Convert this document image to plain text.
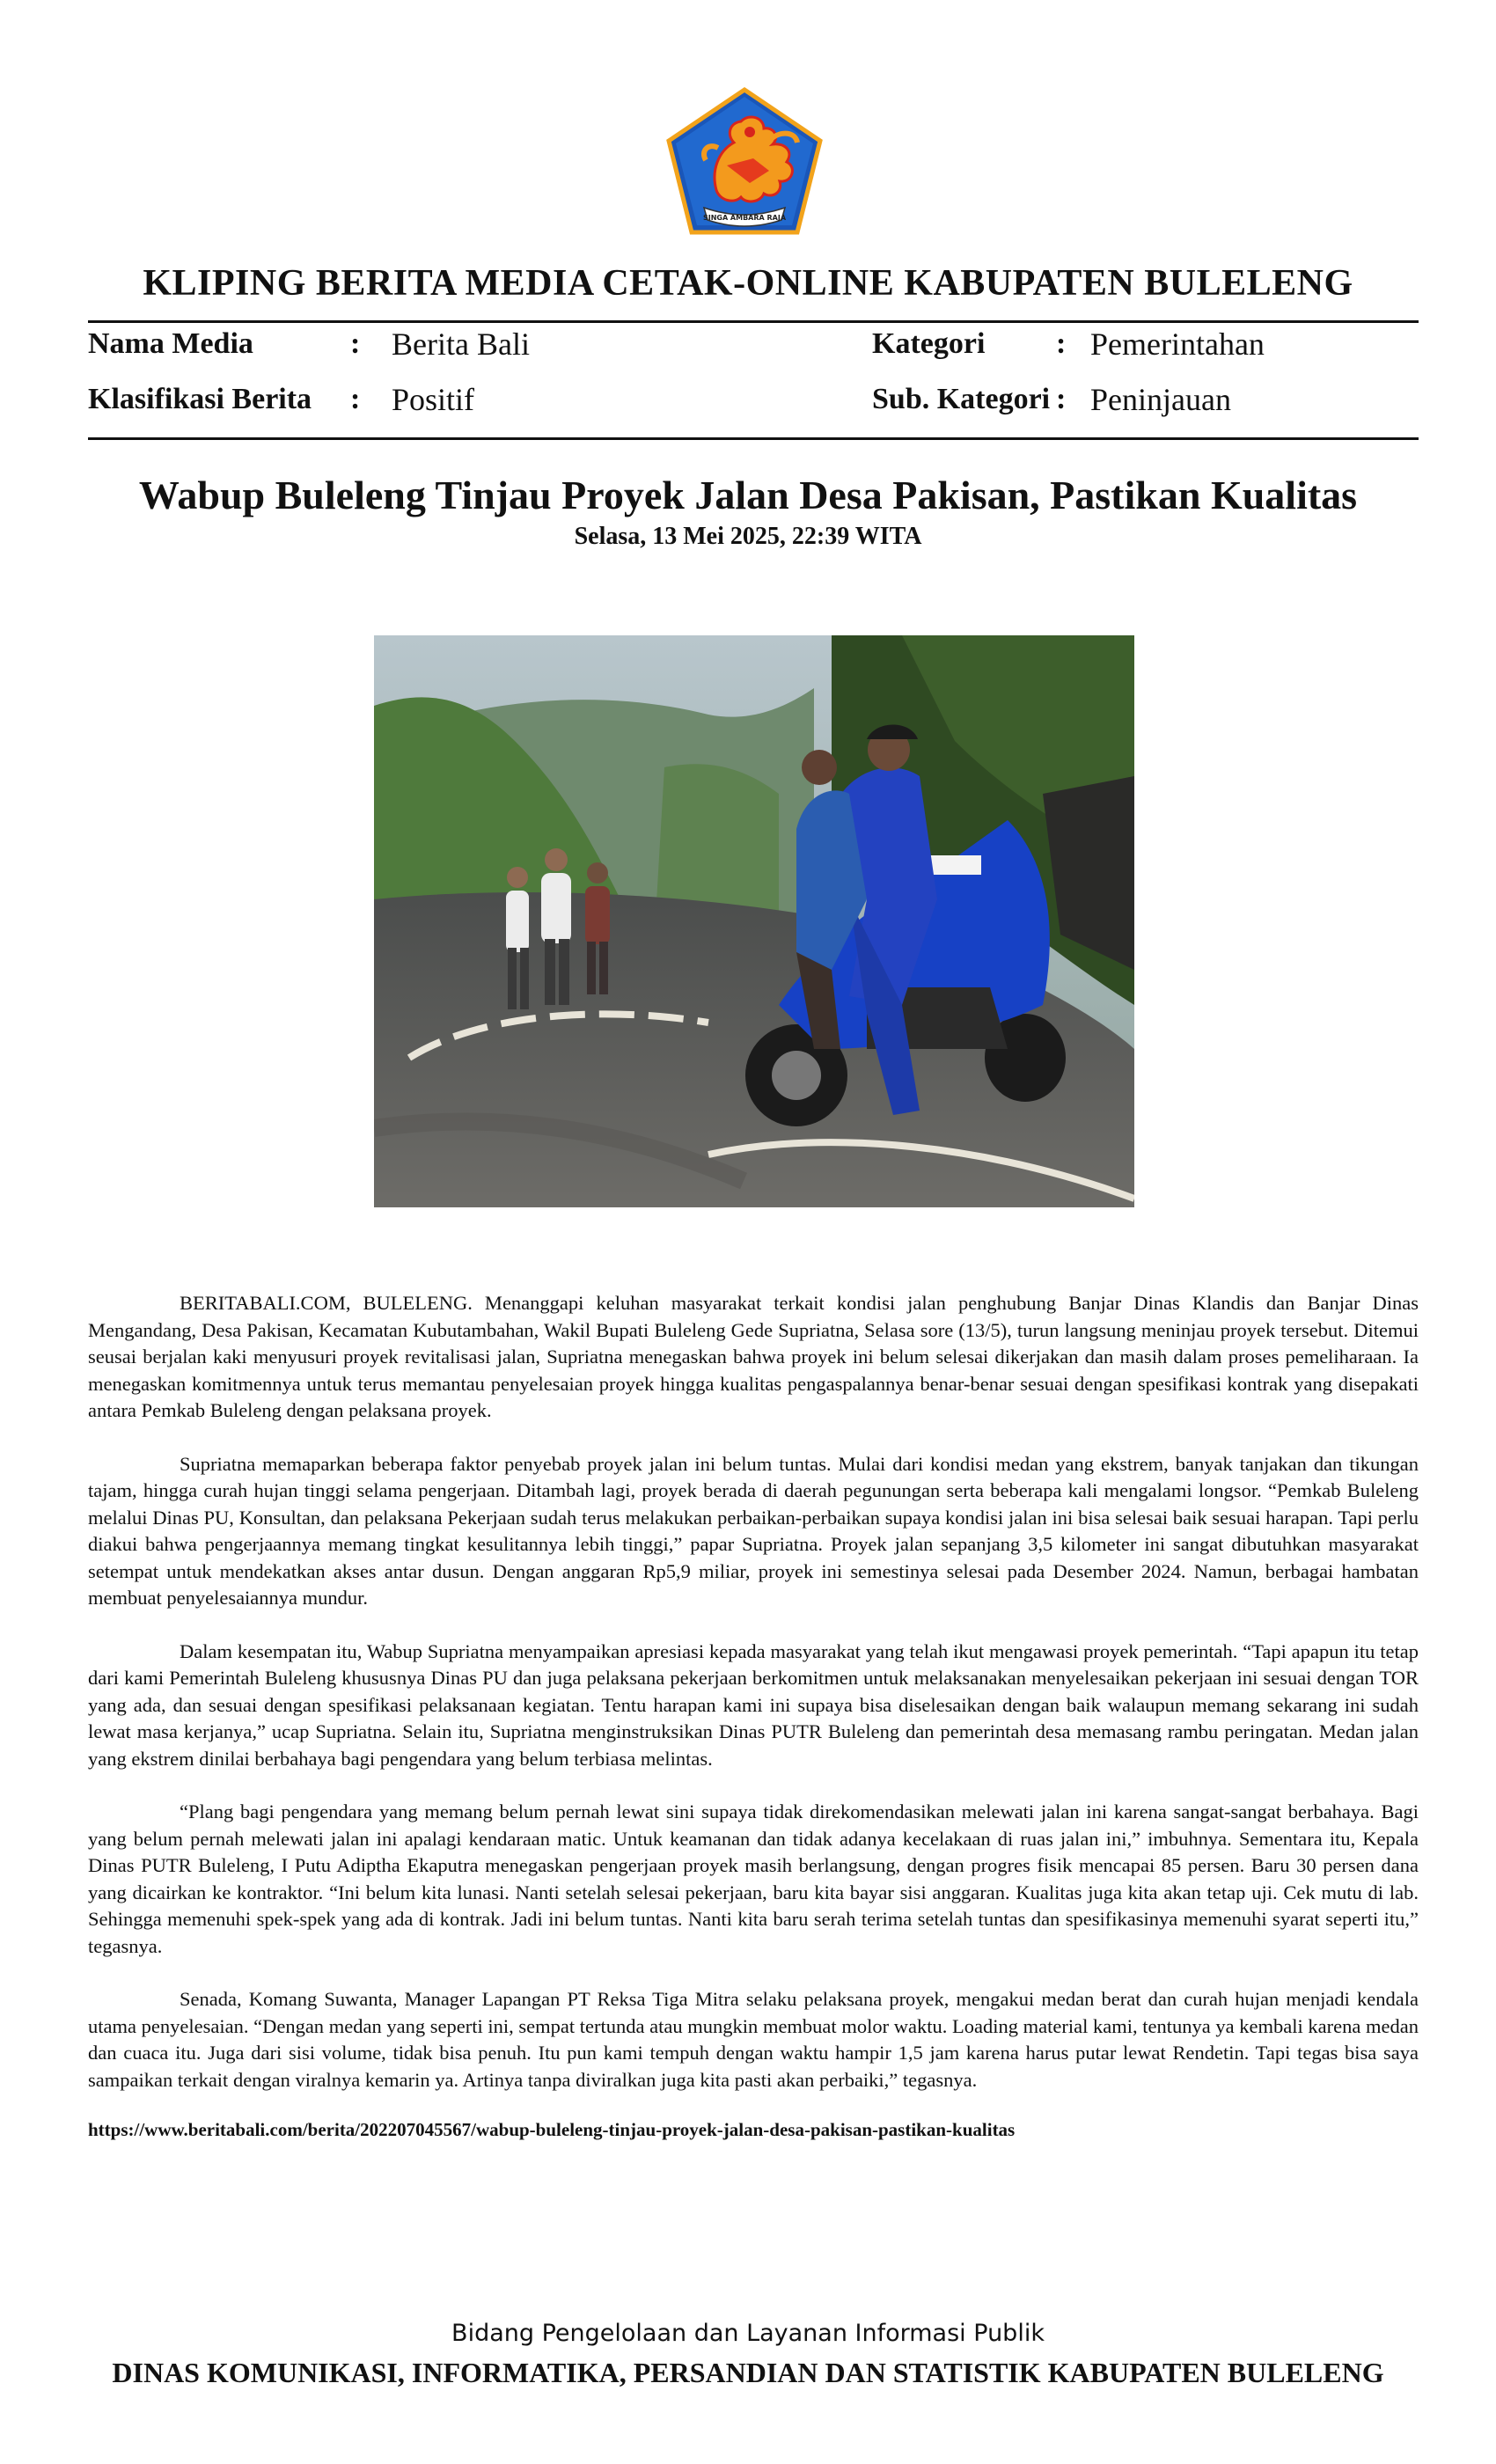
SINGA AMBARA RAJA
KLIPING BERITA MEDIA CETAK-ONLINE KABUPATEN BULELENG
Nama Media	: Berita Bali
Klasifikasi Berita : Positif
Kategori : Pemerintahan
Sub. Kategori : Peninjauan
Wabup Buleleng Tinjau Proyek Jalan Desa Pakisan, Pastikan Kualitas
Selasa, 13 Mei 2025, 22:39 WITA

BERITABALI.COM, BULELENG. Menanggapi keluhan masyarakat terkait kondisi jalan penghubung Banjar Dinas Klandis dan Banjar Dinas Mengandang, Desa Pakisan, Kecamatan Kubutambahan, Wakil Bupati Buleleng Gede Supriatna, Selasa sore (13/5), turun langsung meninjau proyek tersebut. Ditemui seusai berjalan kaki menyusuri proyek revitalisasi jalan, Supriatna menegaskan bahwa proyek ini belum selesai dikerjakan dan masih dalam proses pemeliharaan. Ia menegaskan komitmennya untuk terus memantau penyelesaian proyek hingga kualitas pengaspalannya benar-benar sesuai dengan spesifikasi kontrak yang disepakati antara Pemkab Buleleng dengan pelaksana proyek.

Supriatna memaparkan beberapa faktor penyebab proyek jalan ini belum tuntas. Mulai dari kondisi medan yang ekstrem, banyak tanjakan dan tikungan tajam, hingga curah hujan tinggi selama pengerjaan. Ditambah lagi, proyek berada di daerah pegunungan serta beberapa kali mengalami longsor. “Pemkab Buleleng melalui Dinas PU, Konsultan, dan pelaksana Pekerjaan sudah terus melakukan perbaikan-perbaikan supaya kondisi jalan ini bisa selesai baik sesuai harapan. Tapi perlu diakui bahwa pengerjaannya memang tingkat kesulitannya lebih tinggi,” papar Supriatna. Proyek jalan sepanjang 3,5 kilometer ini sangat dibutuhkan masyarakat setempat untuk mendekatkan akses antar dusun. Dengan anggaran Rp5,9 miliar, proyek ini semestinya selesai pada Desember 2024. Namun, berbagai hambatan membuat penyelesaiannya mundur.

Dalam kesempatan itu, Wabup Supriatna menyampaikan apresiasi kepada masyarakat yang telah ikut mengawasi proyek pemerintah. “Tapi apapun itu tetap dari kami Pemerintah Buleleng khususnya Dinas PU dan juga pelaksana pekerjaan berkomitmen untuk melaksanakan menyelesaikan pekerjaan ini sesuai dengan TOR yang ada, dan sesuai dengan spesifikasi pelaksanaan kegiatan. Tentu harapan kami ini supaya bisa diselesaikan dengan baik walaupun memang sekarang ini sudah lewat masa kerjanya,” ucap Supriatna. Selain itu, Supriatna menginstruksikan Dinas PUTR Buleleng dan pemerintah desa memasang rambu peringatan. Medan jalan yang ekstrem dinilai berbahaya bagi pengendara yang belum terbiasa melintas.

“Plang bagi pengendara yang memang belum pernah lewat sini supaya tidak direkomendasikan melewati jalan ini karena sangat-sangat berbahaya. Bagi yang belum pernah melewati jalan ini apalagi kendaraan matic. Untuk keamanan dan tidak adanya kecelakaan di ruas jalan ini,” imbuhnya. Sementara itu, Kepala Dinas PUTR Buleleng, I Putu Adiptha Ekaputra menegaskan pengerjaan proyek masih berlangsung, dengan progres fisik mencapai 85 persen. Baru 30 persen dana yang dicairkan ke kontraktor. “Ini belum kita lunasi. Nanti setelah selesai pekerjaan, baru kita bayar sisi anggaran. Kualitas juga kita akan tetap uji. Cek mutu di lab. Sehingga memenuhi spek-spek yang ada di kontrak. Jadi ini belum tuntas. Nanti kita baru serah terima setelah tuntas dan spesifikasinya memenuhi syarat seperti itu,” tegasnya.

Senada, Komang Suwanta, Manager Lapangan PT Reksa Tiga Mitra selaku pelaksana proyek, mengakui medan berat dan curah hujan menjadi kendala utama penyelesaian. “Dengan medan yang seperti ini, sempat tertunda atau mungkin membuat molor waktu. Loading material kami, tentunya ya kembali karena medan dan cuaca itu. Juga dari sisi volume, tidak bisa penuh. Itu pun kami tempuh dengan waktu hampir 1,5 jam karena harus putar lewat Rendetin. Tapi tegas bisa saya sampaikan terkait dengan viralnya kemarin ya. Artinya tanpa diviralkan juga kita pasti akan perbaiki,” tegasnya.

https://www.beritabali.com/berita/202207045567/wabup-buleleng-tinjau-proyek-jalan-desa-pakisan-pastikan-kualitas
Bidang Pengelolaan dan Layanan Informasi Publik
DINAS KOMUNIKASI, INFORMATIKA, PERSANDIAN DAN STATISTIK KABUPATEN BULELENG
